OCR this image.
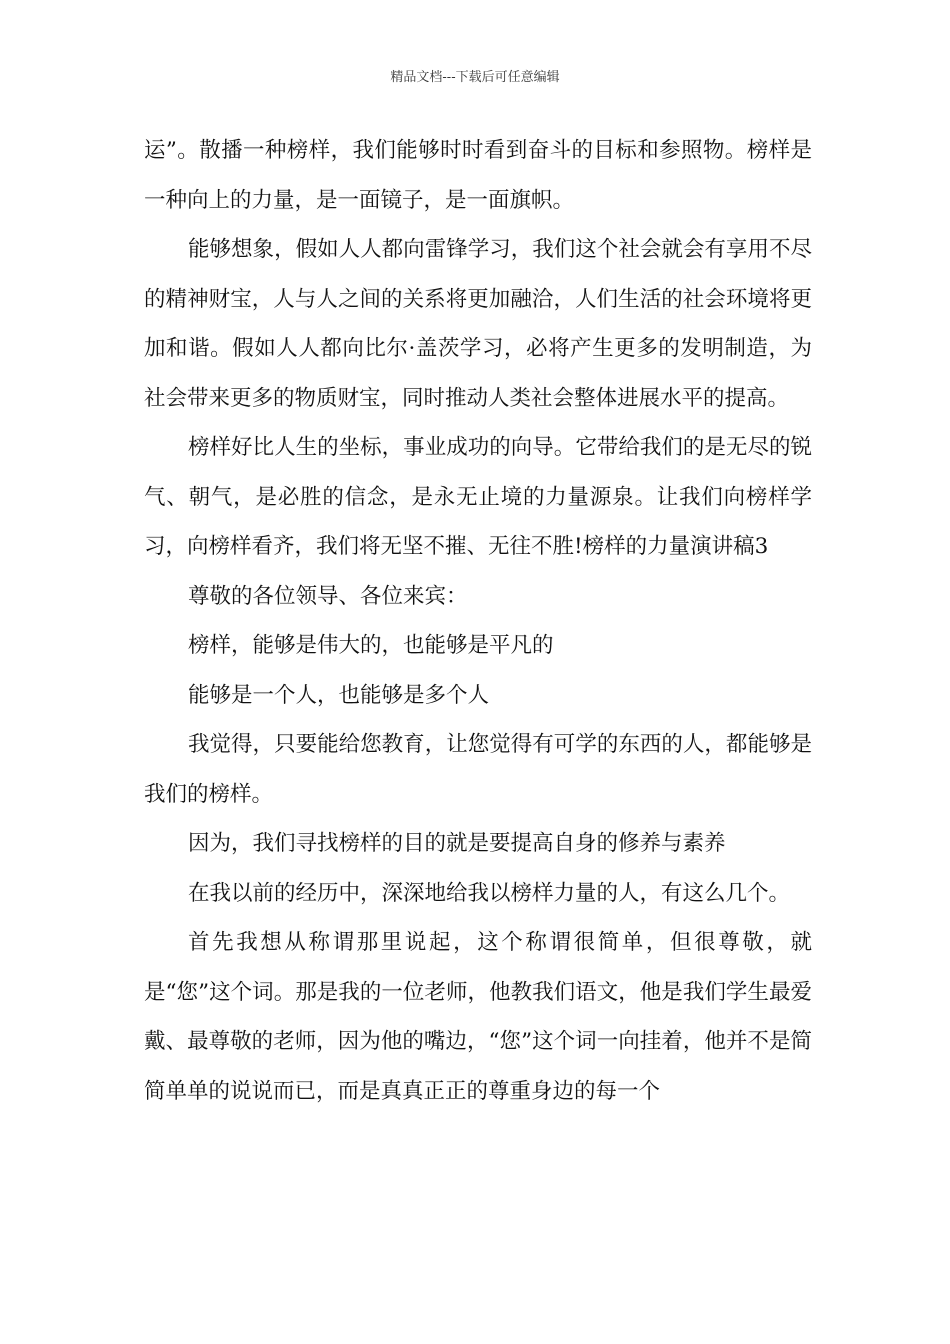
精品文档---下载后可任意编辑

运”。散播一种榜样，我们能够时时看到奋斗的目标和参照物。榜样是一种向上的力量，是一面镜子，是一面旗帜。

能够想象，假如人人都向雷锋学习，我们这个社会就会有享用不尽的精神财宝，人与人之间的关系将更加融洽，人们生活的社会环境将更加和谐。假如人人都向比尔·盖茨学习，必将产生更多的发明制造，为社会带来更多的物质财宝，同时推动人类社会整体进展水平的提高。

榜样好比人生的坐标，事业成功的向导。它带给我们的是无尽的锐气、朝气，是必胜的信念，是永无止境的力量源泉。让我们向榜样学习，向榜样看齐，我们将无坚不摧、无往不胜!榜样的力量演讲稿3

尊敬的各位领导、各位来宾：

榜样，能够是伟大的，也能够是平凡的

能够是一个人，也能够是多个人

我觉得，只要能给您教育，让您觉得有可学的东西的人，都能够是我们的榜样。

因为，我们寻找榜样的目的就是要提高自身的修养与素养

在我以前的经历中，深深地给我以榜样力量的人，有这么几个。

首先我想从称谓那里说起，这个称谓很简单，但很尊敬，就是“您”这个词。那是我的一位老师，他教我们语文，他是我们学生最爱戴、最尊敬的老师，因为他的嘴边，“您”这个词一向挂着，他并不是简简单单的说说而已，而是真真正正的尊重身边的每一个
